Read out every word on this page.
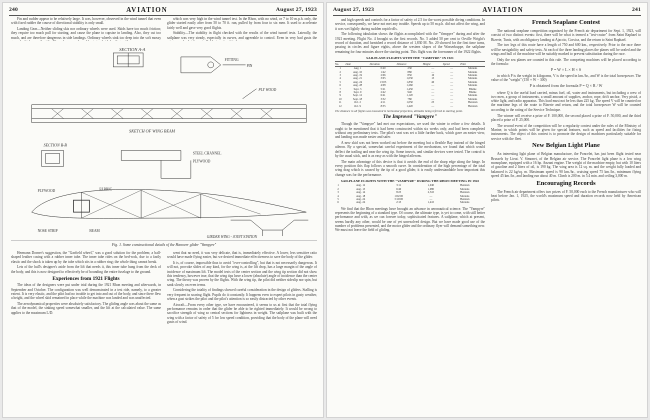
240	AVIATION	August 27, 1923

Fin and rudder appear to be relatively large. It was, however, observed in the wind tunnel that even with fixed rudder the course of directional stability is only small.

Landing Gear—Neither sliding skis nor ordinary wheels were used. Skids have too much friction; they require too much pull for starting, and cause the plane to capsize in landing. Also, they cut too much, and are therefore dangerous in side landings. Ordinary wheels sink too deep into the soft mossy

which was very high in the wind tunnel test. In the Rhon, with no wind, or 7 to 10 m.p.h. only, the glider started easily after from 50 to 70 ft. run, pulled by from four to six men. It used to accelerate fairly well and gave very good flights.

Stability—The stability in flight checked with the results of the wind tunnel tests. Laterally, the sailplane was very steady, especially in curves, and agreeable to control. Even in very bad gusts the

SECTION A-A
FITTING
PIN
PLY WOOD
SKETCH OF WING BEAM
SECTION B-B
STEEL CHANNEL
PLYWOOD
PLYWOOD	FABRIC
NOSE STRIP	BEAM
GIRDER WING - JOINT STATION
Fig. 1. Some constructional details of the Hanover glider "Vampyre"

Hermann Dorner's suggestion, the "Garfield wheel," was a good solution for the problem; a ball-shaped leather casing with a rubber inner tube. The inner tube rides on the bed-rock, due to a fastly elastic and the shock is taken up by the tube which sits in a rubber ring; the whole thing cannot break.

Lets of the hull's designer's aside from the lift that needs it, this inner tube hung from the deck of the body, and this is now designed to effectively be of bounding the entire fuselage to the ground.

Experiences from 1921 Flights

The ideas of the designers were put under trial during the 1921 Rhon meeting and afterwards, in September and October. The configuration was well demonstrated in a test ride, namely, to a greater extent. It is very elastic, and the pilot had no trouble to get into and out of the body, and since there flew a height, and the wheel skid remained in place while the machine was landed and was unaffected.

The aerodynamical properties were absolutely satisfactory. The gliding angle was about the same as that of the model, the sinking speed somewhat smaller, and the lift at the calculated value. The same applies to the maximum L/D.

went that no need, it was very delicate, that is, immediately effective. A lower, less sensitive ratio would have made flying easier, but we desired immediate effectiveness to save the body of the glider.

It is, of course, impossible thus to avoid "over-controlling", but that is not necessarily dangerous. It will not, provoke slides of any kind, for the wing is, at the lift drop, has a large margin of the angle of incidence of maximum lift. The model tests of the center section and the wing tip section did not show this tendency, however true, that the wing tips have a lower (absolute) angle of incidence than the center wing. The theory was proven by the flights. With the wing tip, the pilot did neither sideslip nor spin, but sank slowly on even terms.

Considering the totality of findings showed careful consideration in the design of gliders. Stalling is very frequent in soaring flight. Pupils do it constantly. It happens even to expert pilots in gusty weather, when a gust strikes the pilot and the pilot's attention is so easily distracted by other events.

Aircraft—From every other type, we have encountered, it seems to us at first that the total flying performance remains in order that the glider be able to be righted immediately. It would be wrong to sacrifice strength of wing so central sections for lightness in weight. The sailplane was built with the wing with a factor of safety of 5 for low speed condition, providing that the body of the plane will need gusts of wind.

August 27, 1923	AVIATION	241

and high speeds and controls for a factor of safety of 2.5 for the worst possible diving conditions. In service, consequently, we have not met any trouble. Speeds up to 50 m.p.h. did not affect the wing, and it was wet lightly during sudden rapid rolls.

The following tabulation shows the flights accomplished with the "Vampyre" during and after the 1921 meeting. Flight No. 4 brought us the first records. No. 5 added 50 per cent to Orville Wright's record of duration, and furnished a record distance of 1,830 M. No. 20 showed for the first time turns, passing in circles and figure eights, above the western slopes of the Wasserkuppe, the sailplane remaining for four minutes above the starting point. This flight was the forerunner of the 1922 flights.

SAILPLANE FLIGHTS WITH THE "VAMPYRE" IN 1921
No.	Date	Duration	Distance	Height	Speed	Pilot
1	Aug. 1	0:40	230	—	—	Martens
2	Aug. 10	1:42	880	—	—	Martens
3	Aug. 19	2:06	850	10	—	Martens
4	Aug. 21	3:05	1,030	15	—	Martens
5	Aug. 24	13:03	1,830	40	—	Martens
6	Aug. 28	4:08	1,260	—	—	Martens
7	Sept. 3	5:21	1,450	—	—	Blume
8	Sept. 9	2:42	940	—	—	Blume
9	Sept. 12	6:41	1,120	—	—	Martens
10	Sept. 18	3:32	780	—	—	Martens
11	Oct. 2	4:11	1,050	25	—	Hentzen
12	Oct. 9	8:35	1,420	—	—	Hentzen
The distance in all flights was measured in horizontal projection, altitudes being referred to starting point.
The Improved "Vampyre"

Though the "Vampyre" had met our expectations, we used the winter to refine a few details. It ought to be mentioned that it had been constructed within six weeks only, and had been completed without any preliminary tests. The pilot's seat was set a little further back, which gave an easier view, and landing was made easier and safer.

A new skid was not been worked out before the meeting but a flexible Bay instead of the hinged aileron. By a special, somewhat careful experiment of the mechanism, we found that which would deflect the trailing and near the wing tip. Some insects, and similar devices were tested. The control is by the usual stick, and is as easy as with the hinged ailerons.

The main advantage of this device is that it avoids the end of the sharp edge along the hinge. In every position this flap follows a smooth curve. In consideration of the high percentage of the total wing drag which is caused by the tip of a good glider, it is easily understandable how important this change was for the performance.

SAILPLANE FLIGHTS WITH THE "VAMPYRE" DURING THE RHON MEETING IN 1922
1	Aug. 12	3:11	1,040	Hentzen
2	Aug. 13	6:40	1,980	Martens
3	Aug. 14	8:25	2,310	Hentzen
4	Aug. 18	1:02:00	—	Martens
5	Aug. 24	3:10:00	—	Hentzen
6	Aug. 24	2:13	1,410	Martens

We find that the Rhon meetings have brought an advance in aeronautical science. The "Vampyre" represents the beginning of a standard type. Of course, the ultimate type, is yet to come, with still better performance and with, as we can foresee today, sophisticated features. A sailplane, which at present, seems hardly any other, would be one of yet unresolved design. But we have made good use of the number of problems presented, and the motor glider and the ordinary flyer will demand something new. We must not leave the field of gliding.

French Seaplane Contest

The national seaplane competition organized by the French air department for Sept. 1, 1923, will consist of two distinct events: first, there will be what is termed a "test-cruise" from Saint Raphael to Bizerte, Tunis, with an obligatory landing at Ajaccio, Corsica, and the return to Saint Raphael.

The two legs of this route have a length of 750 and 600 km., respectively. Prior to the race there will be navigability and safety tests. At each of the three landing places the planes will be sealed and the wings and hull of the machine will be suitably marked to prevent substitution during the race.

Only the sea planes are counted in this rule. The competing machines will be placed according to the formula:

P = W × L × H × S

in which P is the weight in kilograms, V is the speed in km./hr., and W is the total horsepower. The value of the "weight" (150 + W − 300)

P is obtained from the formula P = Q × R / W

where Q is the useful load carried, minus fuel, oil, water and instruments, but including a crew of two men, a group of instruments, a small amount of supplies, anchor, rope, drift anchor, Very pistol, a white light, and radio apparatus. This load must not be less than 225 kg. The speed V will be counted on the maritime legs of the route to Bizerte and return, and the total horsepower W will be counted according to the rating of the Service Technique.

The winner will receive a prize of F. 100,000, the second placed a prize of F. 50,000, and the third placed a prize of F. 25,000.

The second event of the competition will be a regularity contest under the rules of the Ministry of Marine, in which points will be given for special features, such as speed and facilities for fixing instruments. The object of this contest is to promote the design of machines particularly suitable for service with the fleet.

New Belgian Light Plane

An interesting light plane of Belgian manufacture, the Poncelet, has just been flight tested near Brussels by Lieut. V. Simonet, of the Belgian air service. The Poncelet light plane is a low wing monoplane, equipped with a 16 hp. Anzani engine. The weight of the machine empty, but with 10 liters of gasoline and 2 liters of oil, is 190 kg. The wing area is 12 sq. m. and the weight fully loaded and balanced is 22 kg/sq. m. Maximum speed is 90 km./hr., cruising speed 75 km./hr., minimum flying speed 45 km./hr., and landing run about 40 m. Climb is 200 m. in 5.4 min. and ceiling 3,000 m.

Encouraging Records

The French air department offers two prizes of F. 50,000 each to the French manufacturer who will beat before Jan. 1, 1925, the world's maximum speed and duration records now held by American pilots.
